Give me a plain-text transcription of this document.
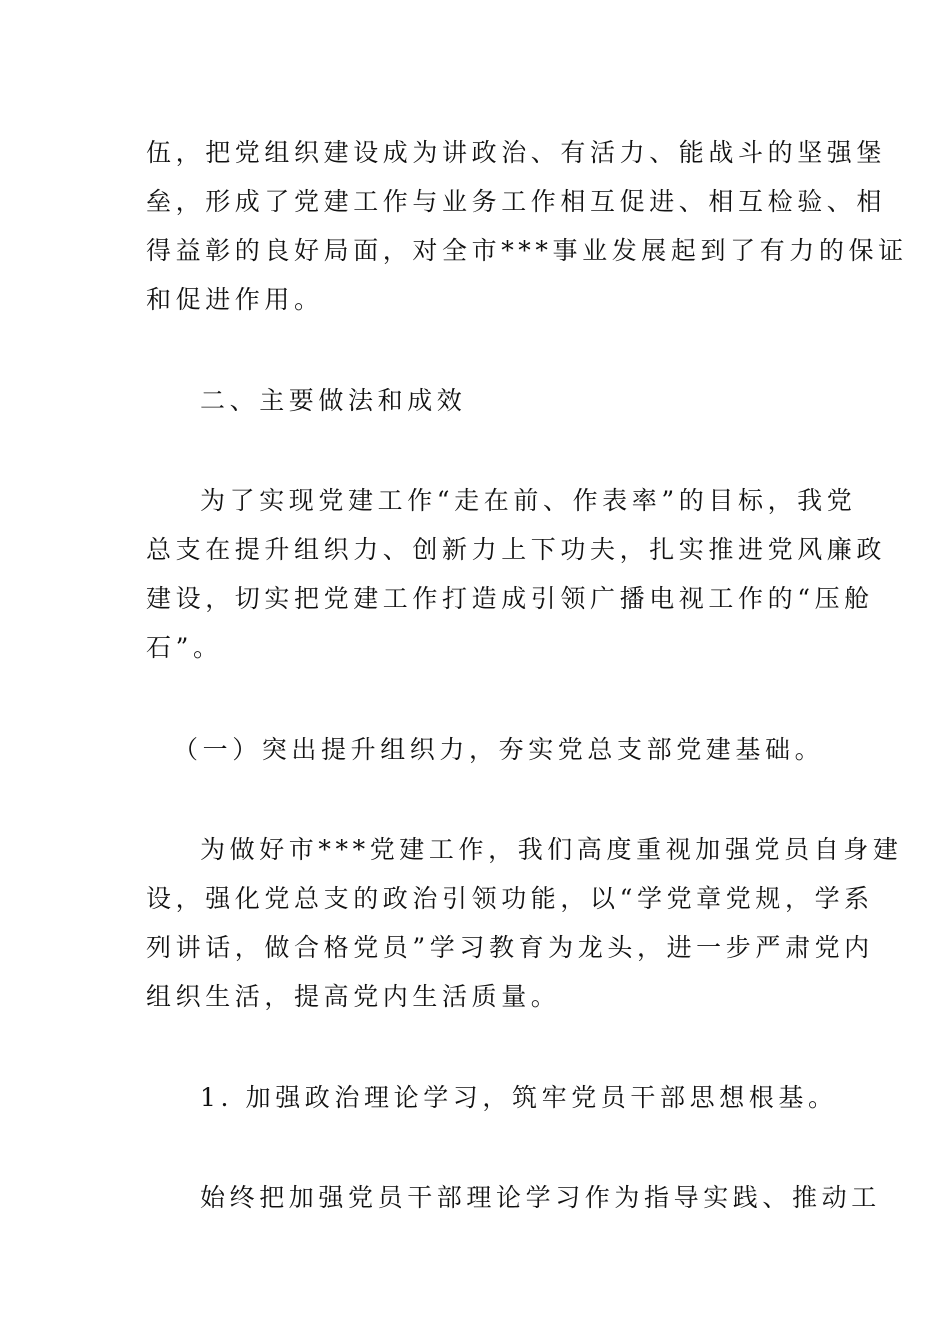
伍，把党组织建设成为讲政治、有活力、能战斗的坚强堡
垒，形成了党建工作与业务工作相互促进、相互检验、相
得益彰的良好局面，对全市***事业发展起到了有力的保证
和促进作用。
二、主要做法和成效
为了实现党建工作“走在前、作表率”的目标，我党
总支在提升组织力、创新力上下功夫，扎实推进党风廉政
建设，切实把党建工作打造成引领广播电视工作的“压舱
石”。
（一）突出提升组织力，夯实党总支部党建基础。
为做好市***党建工作，我们高度重视加强党员自身建
设，强化党总支的政治引领功能，以“学党章党规，学系
列讲话，做合格党员”学习教育为龙头，进一步严肃党内
组织生活，提高党内生活质量。
1. 加强政治理论学习，筑牢党员干部思想根基。
始终把加强党员干部理论学习作为指导实践、推动工
